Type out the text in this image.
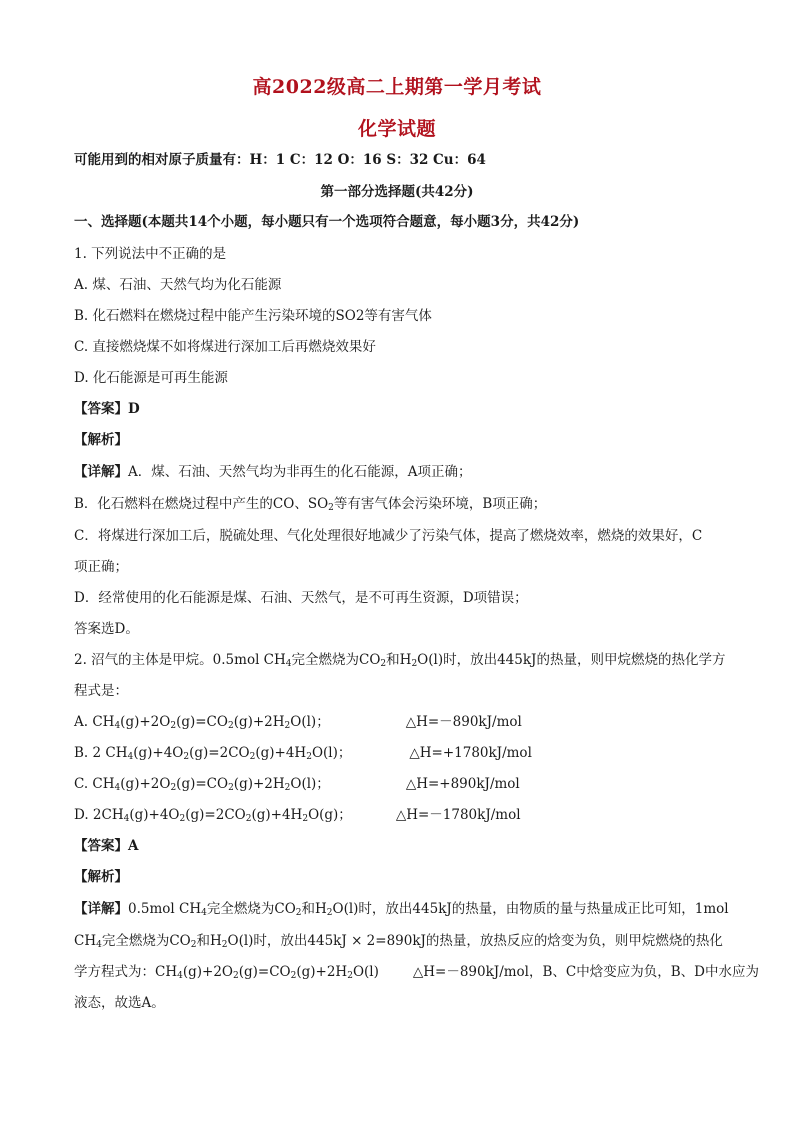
高2022级高二上期第一学月考试
化学试题
可能用到的相对原子质量有：H：1 C：12 O：16 S：32 Cu：64
第一部分选择题(共42分)
一、选择题(本题共14个小题，每小题只有一个选项符合题意，每小题3分，共42分)
1. 下列说法中不正确的是
A. 煤、石油、天然气均为化石能源
B. 化石燃料在燃烧过程中能产生污染环境的SO2等有害气体
C. 直接燃烧煤不如将煤进行深加工后再燃烧效果好
D. 化石能源是可再生能源
【答案】D
【解析】
【详解】A．煤、石油、天然气均为非再生的化石能源，A项正确；
B．化石燃料在燃烧过程中产生的CO、$SO_2$等有害气体会污染环境，B项正确；
C．将煤进行深加工后，脱硫处理、气化处理很好地减少了污染气体，提高了燃烧效率，燃烧的效果好，C
项正确；
D．经常使用的化石能源是煤、石油、天然气，是不可再生资源，D项错误；
答案选D。
2. 沼气的主体是甲烷。0.5mol $CH_4$完全燃烧为$CO_2$和$H_2O(l)$时，放出445kJ的热量，则甲烷燃烧的热化学方
程式是：
A. $CH_4(g)+2O_2(g)=CO_2(g)+2H_2O(l)$；	△H=－890kJ/mol
B. 2 $CH_4(g)+4O_2(g)=2CO_2(g)+4H_2O(l)$；	△H=+1780kJ/mol
C. $CH_4(g)+2O_2(g)=CO_2(g)+2H_2O(l)$；	△H=+890kJ/mol
D. $2CH_4(g)+4O_2(g)=2CO_2(g)+4H_2O(g)$；	△H=－1780kJ/mol
【答案】A
【解析】
【详解】0.5mol $CH_4$完全燃烧为$CO_2$和$H_2O(l)$时，放出445kJ的热量，由物质的量与热量成正比可知，1mol
$CH_4$完全燃烧为$CO_2$和$H_2O(l)$时，放出445kJ × 2=890kJ的热量，放热反应的焓变为负，则甲烷燃烧的热化
学方程式为：$CH_4(g)+2O_2(g)=CO_2(g)+2H_2O(l)$	△H=－890kJ/mol，B、C中焓变应为负，B、D中水应为
液态，故选A。
